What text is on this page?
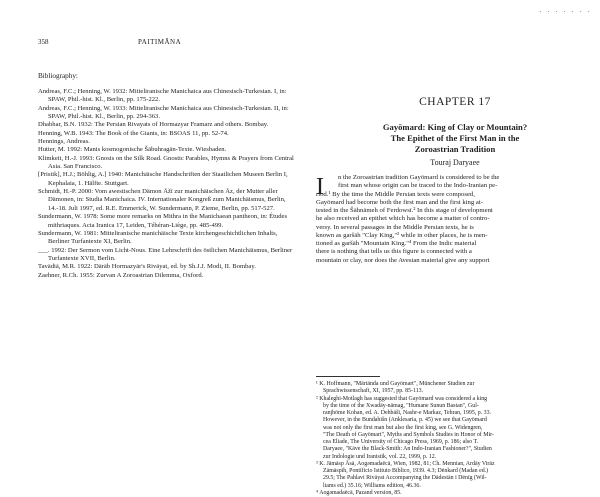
358	PAITIMĀNA
Bibliography:
Andreas, F.C.; Henning, W. 1932: Mitteliranische Manichaica aus Chinesisch-Turkestan. I, in: SPAW, Phil.-hist. Kl., Berlin, pp. 175-222.
Andreas, F.C.; Henning, W. 1933: Mitteliranische Manichaica aus Chinesisch-Turkestan. II, in: SPAW, Phil.-hist. Kl., Berlin, pp. 294-363.
Dhabhar, B.N. 1932: The Persian Rivayats of Hormazyar Framarz and others. Bombay.
Henning, W.B. 1943: The Book of the Giants, in: BSOAS 11, pp. 52-74.
Hennings, Andreas.
Hutter, M. 1992: Manis kosmogonische Šābuhragān-Texte. Wiesbaden.
Klimkeit, H.-J. 1993: Gnosis on the Silk Road. Gnostic Parables, Hymns & Prayers from Central Asia. San Francisco.
[Pristik], H.J.; Böhlig, A.] 1940: Manichäische Handschriften der Staatlichen Museen Berlin I, Kephalaia, 1. Hälfte. Stuttgart.
Schmidt, H.-P. 2000: Vom awestischen Dämon Āžī zur manichäischen Āz, der Mutter aller Dämonen, in: Studia Manichaica. IV. Internationaler Kongreß zum Manichäismus, Berlin, 14.-18. Juli 1997, ed. R.E. Emmerick, W. Sundermann, P. Zieme, Berlin, pp. 517-527.
Sundermann, W. 1978: Some more remarks on Mithra in the Manichaean pantheon, in: Études mithriaques. Acta Iranica 17, Leiden, Téhéran-Liège, pp. 485-499.
Sundermann, W. 1981: Mitteliranische manichäische Texte kirchengeschichtlichen Inhalts, Berliner Turfantexte XI, Berlin.
___. 1992: Der Sermon vom Licht-Nous. Eine Lehrschrift des östlichen Manichäismus, Berliner Turfantexte XVII, Berlin.
Tavādiā, M.R. 1922: Dārāb Hormazyār's Rivāyat, ed. by Sh.J.J. Modi, II. Bombay.
Zaehner, R.Ch. 1955: Zurvan A Zoroastrian Dilemma, Oxford.
· · · · · · ·
CHAPTER 17
Gayōmard: King of Clay or Mountain?
The Epithet of the First Man in the
Zoroastrian Tradition
Touraj Daryaee
I	n the Zoroastrian tradition Gayōmard is considered to be the
first man whose origin can be traced to the Indo-Iranian pe-
riod.¹ By the time the Middle Persian texts were composed,
Gayōmard had become both the first man and the first king at-
tested in the Šāhnāmeh of Ferdowsī.² In this stage of development
he also received an epithet which has become a matter of contro-
versy. In several passages in the Middle Persian texts, he is
known as garšāh "Clay King,"³ while in other places, he is men-
tioned as garšāh "Mountain King."⁴ From the Indic material
there is nothing that tells us this figure is connected with a
mountain or clay, nor does the Avestan material give any support
¹ K. Hoffmann, "Mārtānda und Gayōmart", Münchener Studien zur
Sprachwissenschaft, XI, 1957, pp. 85-113.
² Khaleghi-Motlagh has suggested that Gayōmard was considered a king
by the time of the Xwadāy-nāmag, "Humane Sunun Bastan", Gul-
ranjhōme Kohan, ed. A. Dehbāšī, Nashr-e Markaz, Tehran, 1995, p. 33.
However, in the Bundahišn (Anklesaria, p. 45) we see that Gayōmard
was not only the first man but also the first king, see G. Widengren,
"The Death of Gayōmart", Myths and Symbols Studies in Honor of Mir-
cea Eliade, The University of Chicago Press, 1969, p. 186; also T.
Daryaee, "Kāve the Black-Smith: An Indo-Iranian Fashioner?", Studien
zur Indologie und Iranistik, vol. 22, 1999, p. 12.
³ K. Jāmāsp Āsā, Aogəmadaēcā, Wien, 1982, 81; Ch. Mennian, Ardāy Virāz
Zāmāspīh, Pontificio Istituto Biblico, 1939. 4.3; Dēnkard (Madan ed.)
29.5; The Pahlavi Rivāyat Accompanying the Dādestān ī Dēnīg (Wil-
liams ed.) 35.16; Williams edition, 46.36.
⁴ Aogəmadaēcā, Pazand version, 85.
